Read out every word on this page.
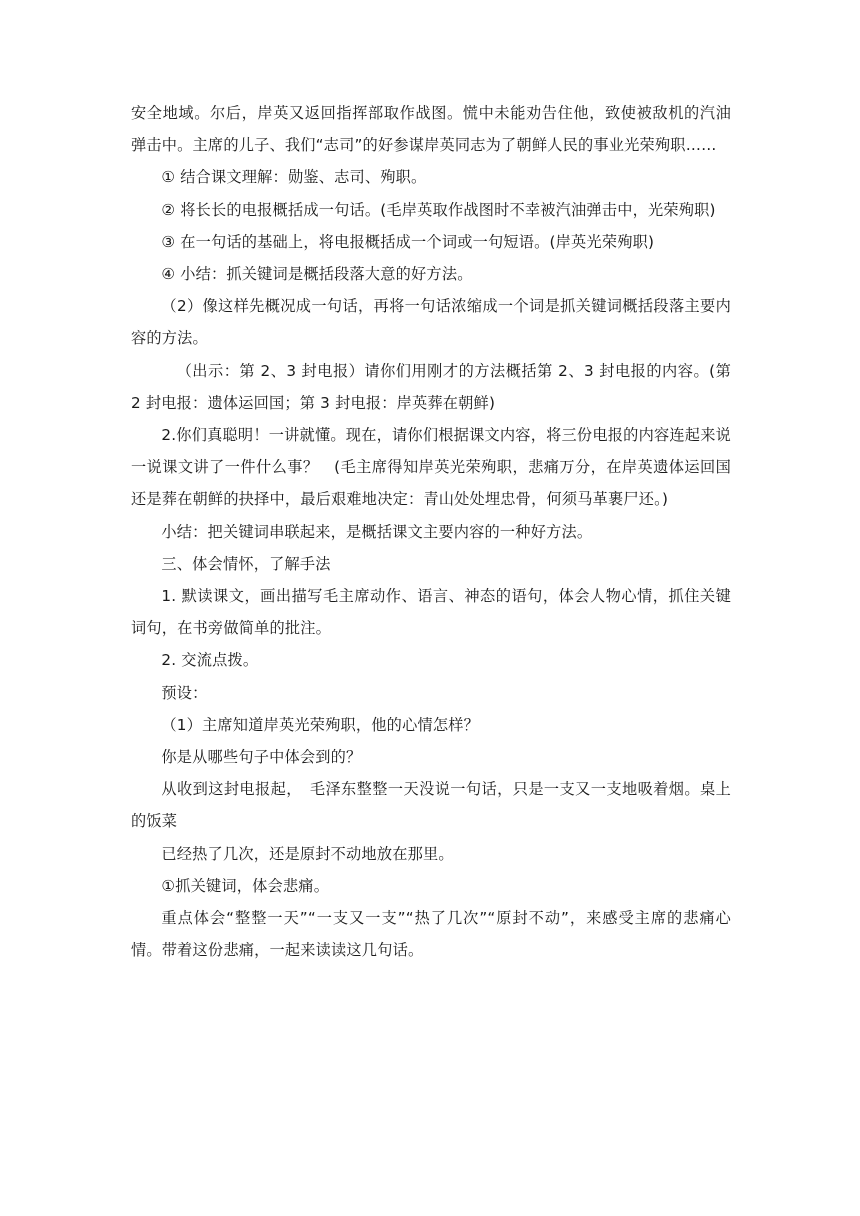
安全地域。尔后，岸英又返回指挥部取作战图。慌中未能劝告住他，致使被敌机的汽油弹击中。主席的儿子、我们“志司”的好参谋岸英同志为了朝鲜人民的事业光荣殉职……

① 结合课文理解：勋鉴、志司、殉职。

② 将长长的电报概括成一句话。(毛岸英取作战图时不幸被汽油弹击中，光荣殉职)

③ 在一句话的基础上，将电报概括成一个词或一句短语。(岸英光荣殉职)

④ 小结：抓关键词是概括段落大意的好方法。

（2）像这样先概况成一句话，再将一句话浓缩成一个词是抓关键词概括段落主要内容的方法。

（出示：第 2、3 封电报）请你们用刚才的方法概括第 2、3 封电报的内容。(第 2 封电报：遗体运回国；第 3 封电报：岸英葬在朝鲜)

2.你们真聪明！一讲就懂。现在，请你们根据课文内容，将三份电报的内容连起来说一说课文讲了一件什么事？　(毛主席得知岸英光荣殉职，悲痛万分，在岸英遗体运回国还是葬在朝鲜的抉择中，最后艰难地决定：青山处处埋忠骨，何须马革裹尸还。)

小结：把关键词串联起来，是概括课文主要内容的一种好方法。

三、体会情怀，了解手法

1. 默读课文，画出描写毛主席动作、语言、神态的语句，体会人物心情，抓住关键词句，在书旁做简单的批注。

2. 交流点拨。

预设：

（1）主席知道岸英光荣殉职，他的心情怎样？

你是从哪些句子中体会到的？

从收到这封电报起，　毛泽东整整一天没说一句话，只是一支又一支地吸着烟。桌上的饭菜

已经热了几次，还是原封不动地放在那里。

①抓关键词，体会悲痛。

重点体会“整整一天”“一支又一支”“热了几次”“原封不动”，来感受主席的悲痛心情。带着这份悲痛，一起来读读这几句话。
